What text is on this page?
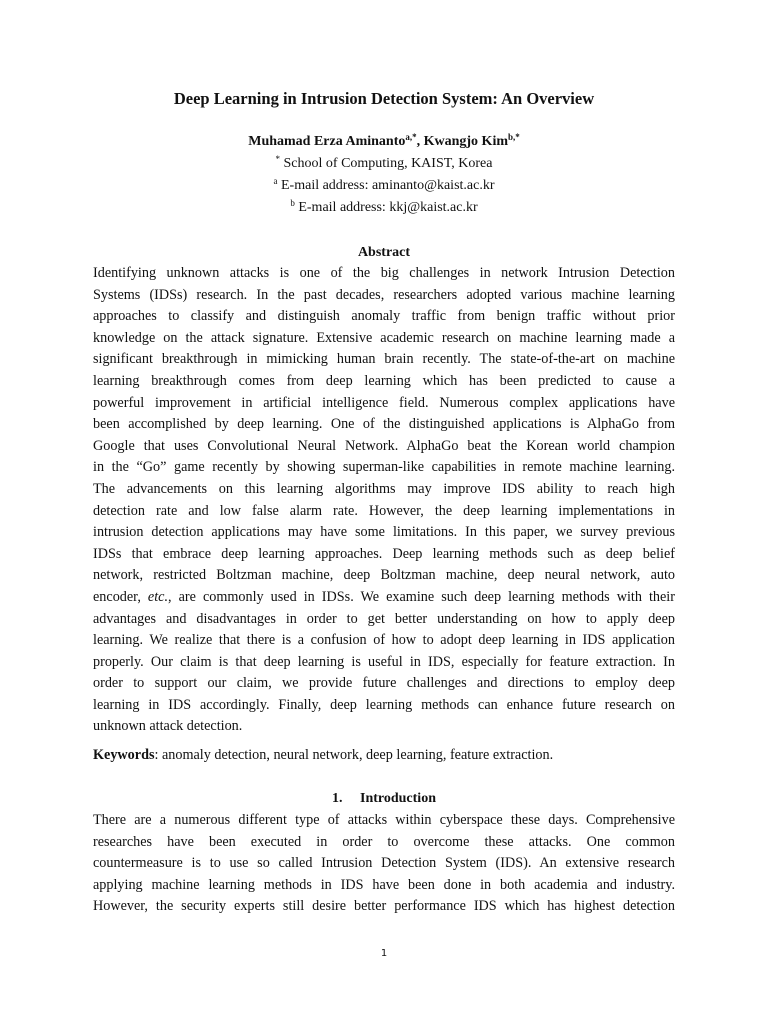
Deep Learning in Intrusion Detection System: An Overview
Muhamad Erza Aminanto$^{a,*}$, Kwangjo Kim$^{b,*}$
* School of Computing, KAIST, Korea
$^a$ E-mail address: aminanto@kaist.ac.kr
$^b$ E-mail address: kkj@kaist.ac.kr
Abstract
Identifying unknown attacks is one of the big challenges in network Intrusion Detection
Systems (IDSs) research. In the past decades, researchers adopted various machine learning
approaches to classify and distinguish anomaly traffic from benign traffic without prior
knowledge on the attack signature. Extensive academic research on machine learning made a
significant breakthrough in mimicking human brain recently. The state-of-the-art on machine
learning breakthrough comes from deep learning which has been predicted to cause a
powerful improvement in artificial intelligence field. Numerous complex applications have
been accomplished by deep learning. One of the distinguished applications is AlphaGo from
Google that uses Convolutional Neural Network. AlphaGo beat the Korean world champion
in the “Go” game recently by showing superman-like capabilities in remote machine learning.
The advancements on this learning algorithms may improve IDS ability to reach high
detection rate and low false alarm rate. However, the deep learning implementations in
intrusion detection applications may have some limitations. In this paper, we survey previous
IDSs that embrace deep learning approaches. Deep learning methods such as deep belief
network, restricted Boltzman machine, deep Boltzman machine, deep neural network, auto
encoder, etc., are commonly used in IDSs. We examine such deep learning methods with their
advantages and disadvantages in order to get better understanding on how to apply deep
learning. We realize that there is a confusion of how to adopt deep learning in IDS application
properly. Our claim is that deep learning is useful in IDS, especially for feature extraction. In
order to support our claim, we provide future challenges and directions to employ deep
learning in IDS accordingly. Finally, deep learning methods can enhance future research on
unknown attack detection.
Keywords: anomaly detection, neural network, deep learning, feature extraction.
1. Introduction
There are a numerous different type of attacks within cyberspace these days. Comprehensive
researches have been executed in order to overcome these attacks. One common
countermeasure is to use so called Intrusion Detection System (IDS). An extensive research
applying machine learning methods in IDS have been done in both academia and industry.
However, the security experts still desire better performance IDS which has highest detection
1
